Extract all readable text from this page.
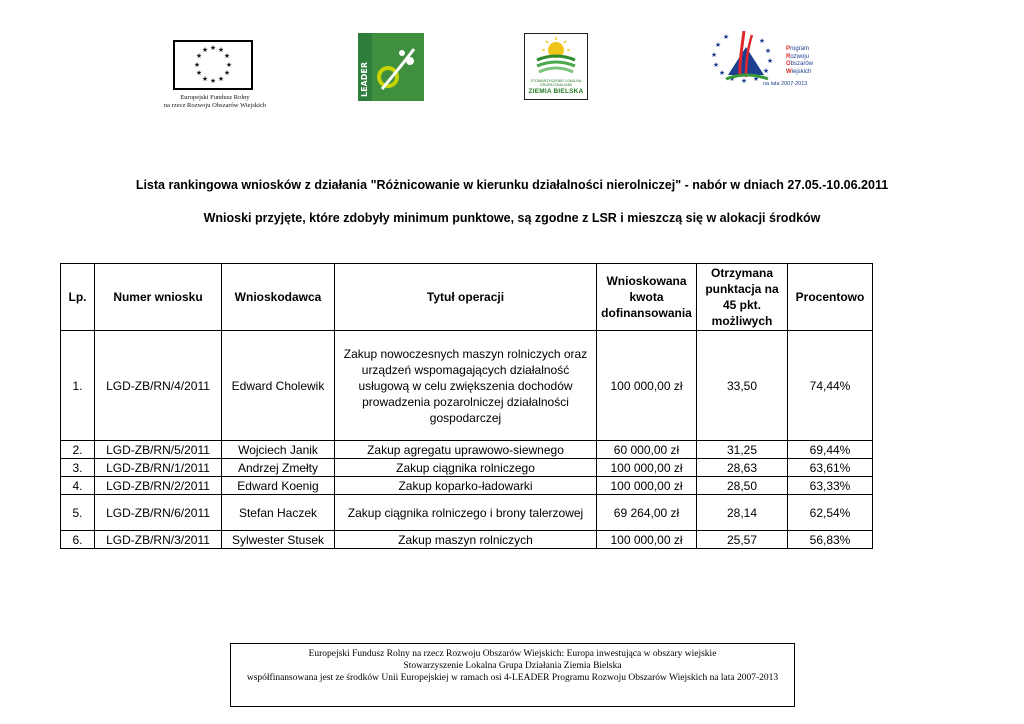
★ ★
★
★
★
★
★
★
★
★
★
★
Europejski Fundusz Rolny
na rzecz Rozwoju Obszarów Wiejskich
LEADER	STOWARZYSZENIE LOKALNA GRUPA DZIAŁANIA
ZIEMIA BIELSKA
★
★
★
★
★
★ ★ ★
★
★
★
★
Program
Rozwoju
Obszarów
Wiejskich
na lata 2007-2013
Lista rankingowa wniosków z działania "Różnicowanie w kierunku działalności nierolniczej" - nabór w dniach 27.05.-10.06.2011
Wnioski przyjęte, które zdobyły minimum punktowe, są zgodne z LSR i mieszczą się w alokacji środków
Lp.	Numer wniosku	Wnioskodawca	Tytuł operacji	Wnioskowana kwota dofinansowania	Otrzymana punktacja na 45 pkt. możliwych	Procentowo
1.	LGD-ZB/RN/4/2011	Edward Cholewik	Zakup nowoczesnych maszyn rolniczych oraz urządzeń wspomagających działalność usługową w celu zwiększenia dochodów prowadzenia pozarolniczej działalności gospodarczej	100 000,00 zł	33,50	74,44%
2.	LGD-ZB/RN/5/2011	Wojciech Janik	Zakup agregatu uprawowo-siewnego	60 000,00 zł	31,25	69,44%
3.	LGD-ZB/RN/1/2011	Andrzej Zmełty	Zakup ciągnika rolniczego	100 000,00 zł	28,63	63,61%
4.	LGD-ZB/RN/2/2011	Edward Koenig	Zakup koparko-ładowarki	100 000,00 zł	28,50	63,33%
5.	LGD-ZB/RN/6/2011	Stefan Haczek	Zakup ciągnika rolniczego i brony talerzowej	69 264,00 zł	28,14	62,54%
6.	LGD-ZB/RN/3/2011	Sylwester Stusek	Zakup maszyn rolniczych	100 000,00 zł	25,57	56,83%
Europejski Fundusz Rolny na rzecz Rozwoju Obszarów Wiejskich: Europa inwestująca w obszary wiejskie
Stowarzyszenie Lokalna Grupa Działania Ziemia Bielska
współfinansowana jest ze środków Unii Europejskiej w ramach osi 4-LEADER Programu Rozwoju Obszarów Wiejskich na lata 2007-2013
